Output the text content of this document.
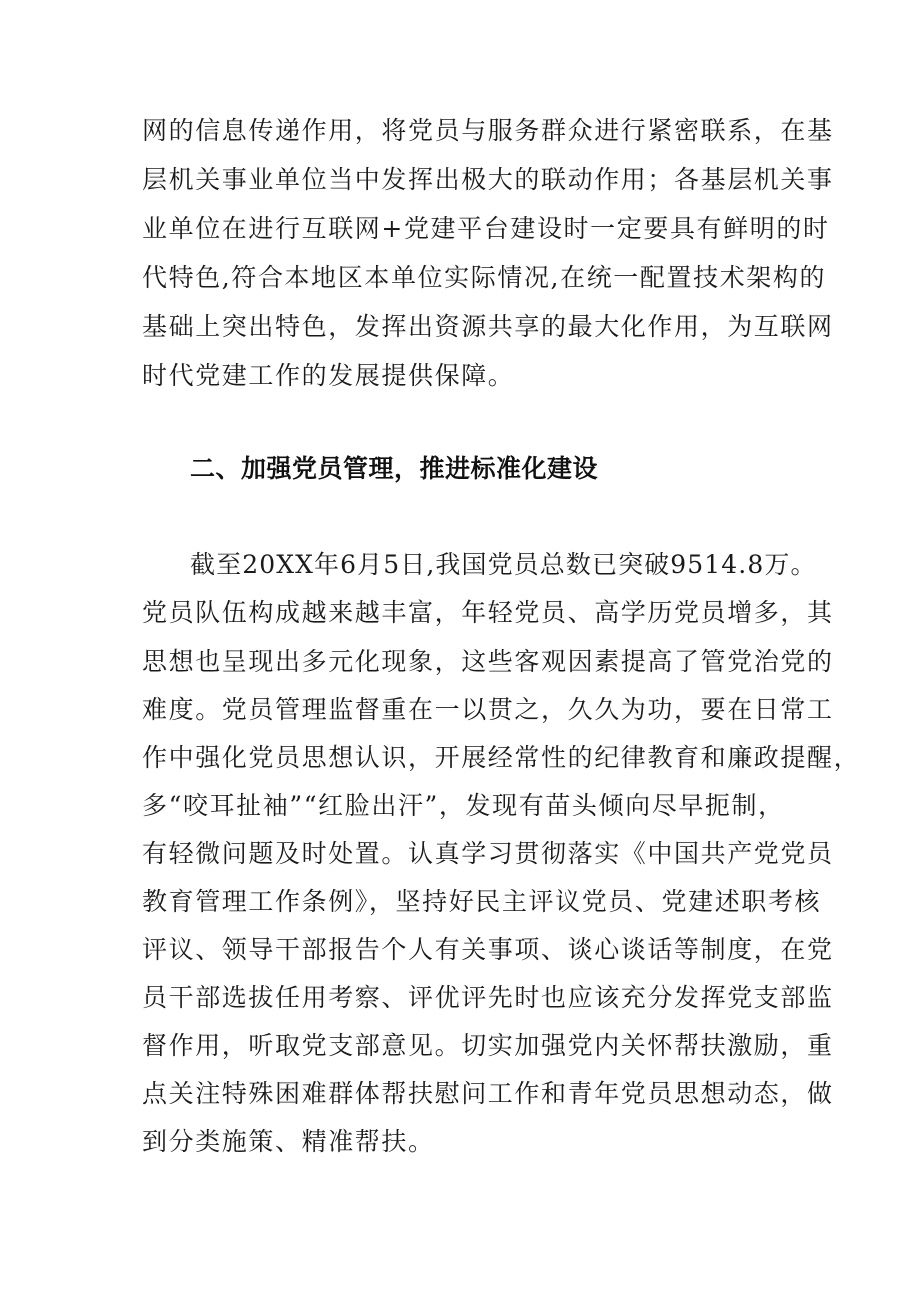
网的信息传递作用，将党员与服务群众进行紧密联系，在基
层机关事业单位当中发挥出极大的联动作用；各基层机关事
业单位在进行互联网+党建平台建设时一定要具有鲜明的时
代特色,符合本地区本单位实际情况,在统一配置技术架构的
基础上突出特色，发挥出资源共享的最大化作用，为互联网
时代党建工作的发展提供保障。
二、加强党员管理，推进标准化建设
截至20XX年6月5日,我国党员总数已突破9514.8万。
党员队伍构成越来越丰富，年轻党员、高学历党员增多，其
思想也呈现出多元化现象，这些客观因素提高了管党治党的
难度。党员管理监督重在一以贯之，久久为功，要在日常工
作中强化党员思想认识，开展经常性的纪律教育和廉政提醒，
多“咬耳扯袖”“红脸出汗”，发现有苗头倾向尽早扼制，
有轻微问题及时处置。认真学习贯彻落实《中国共产党党员
教育管理工作条例》，坚持好民主评议党员、党建述职考核
评议、领导干部报告个人有关事项、谈心谈话等制度，在党
员干部选拔任用考察、评优评先时也应该充分发挥党支部监
督作用，听取党支部意见。切实加强党内关怀帮扶激励，重
点关注特殊困难群体帮扶慰问工作和青年党员思想动态，做
到分类施策、精准帮扶。
